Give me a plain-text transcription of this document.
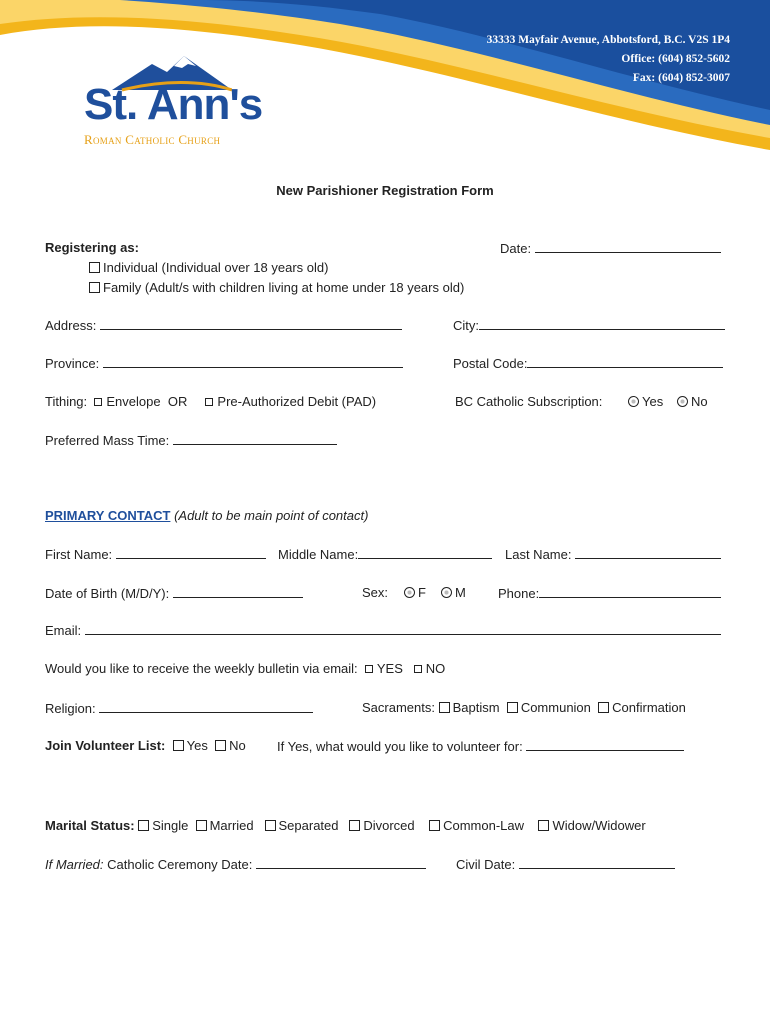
33333 Mayfair Avenue, Abbotsford, B.C. V2S 1P4
Office: (604) 852-5602
Fax: (604) 852-3007
St. Ann's
Roman Catholic Church
New Parishioner Registration Form
Registering as:	Date:
Individual (Individual over 18 years old)
Family (Adult/s with children living at home under 18 years old)
Address:	City:
Province:	Postal Code:
Tithing: Envelope OR Pre-Authorized Debit (PAD)	BC Catholic Subscription:	Yes	No
Preferred Mass Time:
PRIMARY CONTACT (Adult to be main point of contact)
First Name:	Middle Name:	Last Name:
Date of Birth (M/D/Y):	Sex:	F	M Phone:
Email:
Would you like to receive the weekly bulletin via email: YES NO
Religion:	Sacraments: Baptism Communion Confirmation
Join Volunteer List: Yes No If Yes, what would you like to volunteer for:
Marital Status: Single Married Separated Divorced Common-Law Widow/Widower
If Married: Catholic Ceremony Date:	Civil Date:
